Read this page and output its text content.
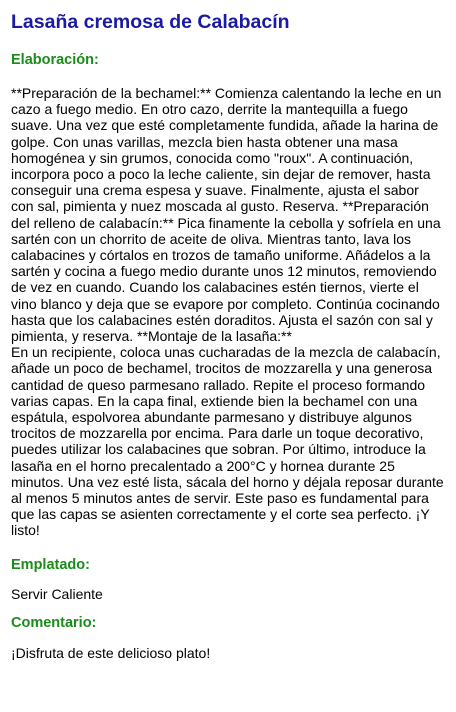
Lasaña cremosa de Calabacín
Elaboración:

**Preparación de la bechamel:** Comienza calentando la leche en un cazo a fuego medio. En otro cazo, derrite la mantequilla a fuego suave. Una vez que esté completamente fundida, añade la harina de golpe. Con unas varillas, mezcla bien hasta obtener una masa homogénea y sin grumos, conocida como "roux". A continuación, incorpora poco a poco la leche caliente, sin dejar de remover, hasta conseguir una crema espesa y suave. Finalmente, ajusta el sabor con sal, pimienta y nuez moscada al gusto. Reserva. **Preparación del relleno de calabacín:** Pica finamente la cebolla y sofríela en una sartén con un chorrito de aceite de oliva. Mientras tanto, lava los calabacines y córtalos en trozos de tamaño uniforme. Añádelos a la sartén y cocina a fuego medio durante unos 12 minutos, removiendo de vez en cuando. Cuando los calabacines estén tiernos, vierte el vino blanco y deja que se evapore por completo. Continúa cocinando hasta que los calabacines estén doraditos. Ajusta el sazón con sal y pimienta, y reserva. **Montaje de la lasaña:**
En un recipiente, coloca unas cucharadas de la mezcla de calabacín, añade un poco de bechamel, trocitos de mozzarella y una generosa cantidad de queso parmesano rallado. Repite el proceso formando varias capas. En la capa final, extiende bien la bechamel con una espátula, espolvorea abundante parmesano y distribuye algunos trocitos de mozzarella por encima. Para darle un toque decorativo, puedes utilizar los calabacines que sobran. Por último, introduce la lasaña en el horno precalentado a 200°C y hornea durante 25 minutos. Una vez esté lista, sácala del horno y déjala reposar durante al menos 5 minutos antes de servir. Este paso es fundamental para que las capas se asienten correctamente y el corte sea perfecto. ¡Y listo!

Emplatado:

Servir Caliente

Comentario:

¡Disfruta de este delicioso plato!
